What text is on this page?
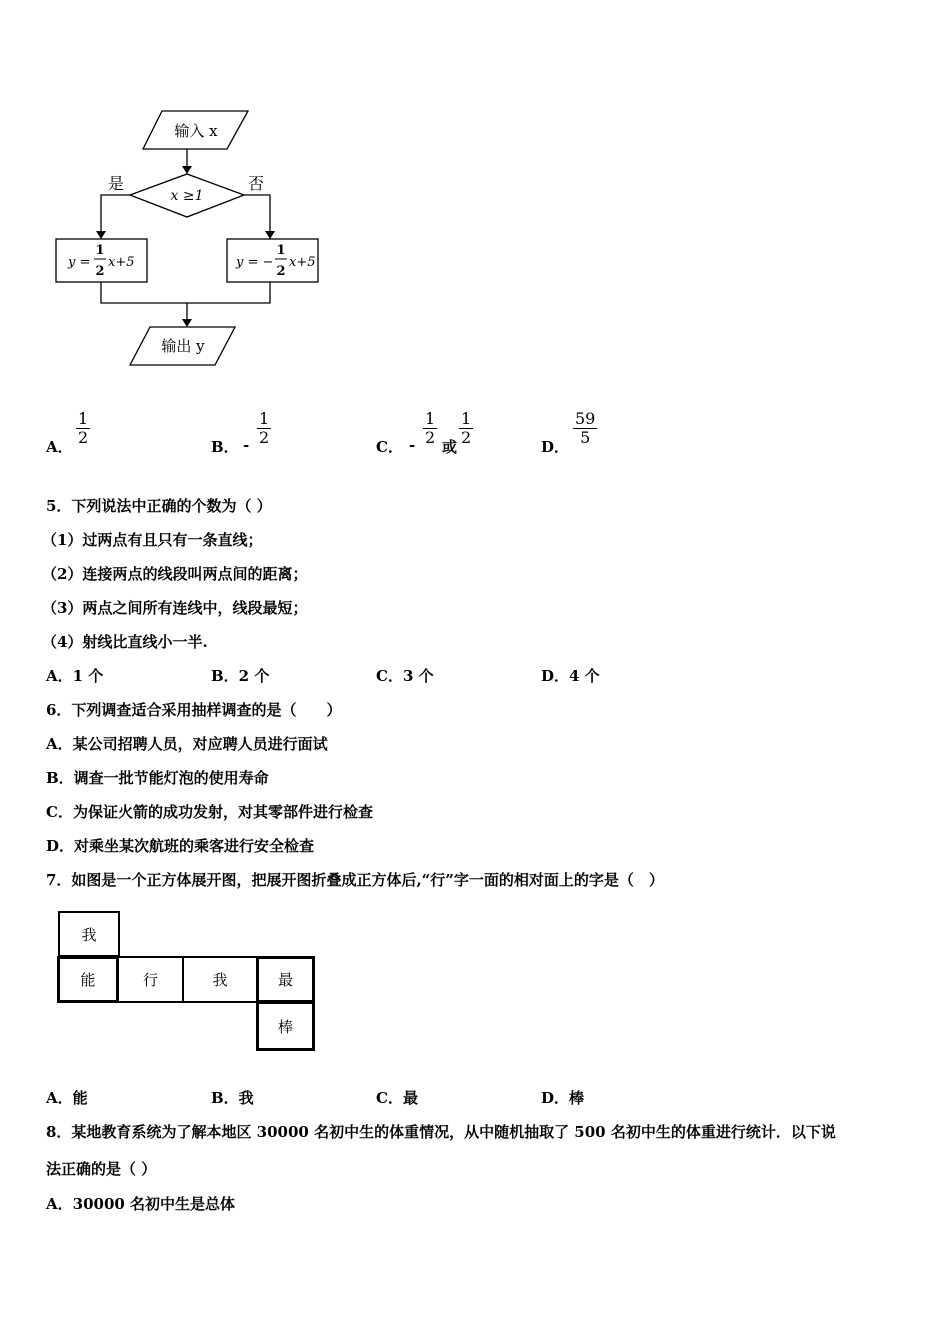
输入 x
x ≥1
是	否
y =
1
2
x+5	y = −
1
2
x+5
输出 y
A．
1
2	B． -
1
2	C． -
1
2 或
1
2	D．
59
5
5．下列说法中正确的个数为（ ）
（1）过两点有且只有一条直线；
（2）连接两点的线段叫两点间的距离；
（3）两点之间所有连线中，线段最短；
（4）射线比直线小一半.
A．1 个	B．2 个	C．3 个	D．4 个
6．下列调查适合采用抽样调查的是（　　）
A．某公司招聘人员，对应聘人员进行面试
B．调查一批节能灯泡的使用寿命
C．为保证火箭的成功发射，对其零部件进行检查
D．对乘坐某次航班的乘客进行安全检查
7．如图是一个正方体展开图，把展开图折叠成正方体后,“行”字一面的相对面上的字是（　）
我
能	行	我	最
棒
A．能	B．我	C．最	D．棒
8．某地教育系统为了解本地区 30000 名初中生的体重情况，从中随机抽取了 500 名初中生的体重进行统计．以下说
法正确的是（ ）
A．30000 名初中生是总体
